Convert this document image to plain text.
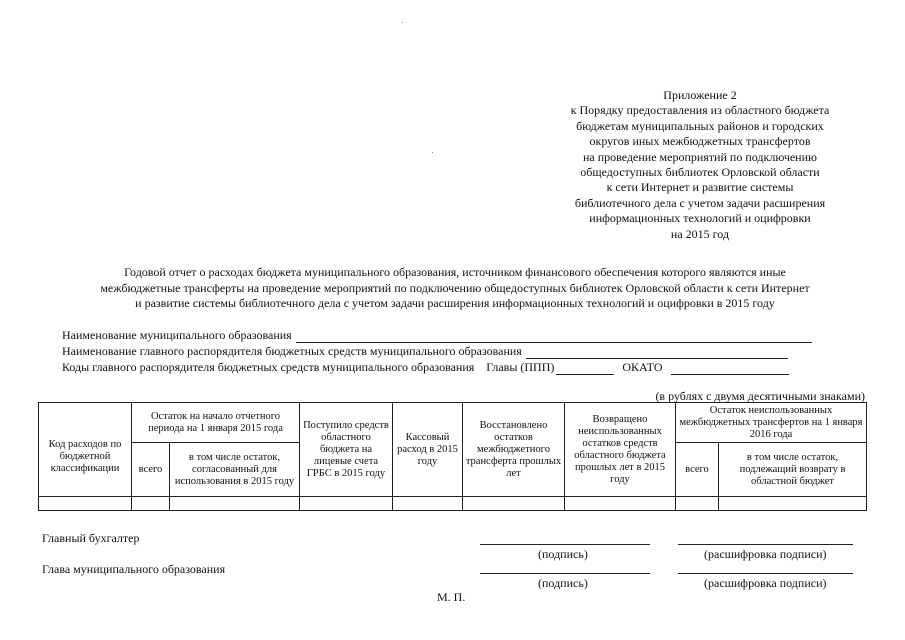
Приложение 2
к Порядку предоставления из областного бюджета
бюджетам муниципальных районов и городских
округов иных межбюджетных трансфертов
на проведение мероприятий по подключению
общедоступных библиотек Орловской области
к сети Интернет и развитие системы
библиотечного дела с учетом задачи расширения
информационных технологий и оцифровки
на 2015 год
Годовой отчет о расходах бюджета муниципального образования, источником финансового обеспечения которого являются иные
межбюджетные трансферты на проведение мероприятий по подключению общедоступных библиотек Орловской области к сети Интернет
и развитие системы библиотечного дела с учетом задачи расширения информационных технологий и оцифровки в 2015 году
Наименование муниципального образования
Наименование главного распорядителя бюджетных средств муниципального образования
Коды главного распорядителя бюджетных средств муниципального образования Главы (ППП)	ОКАТО
(в рублях с двумя десятичными знаками)
Код расходов по бюджетной классификации	Остаток на начало отчетного периода на 1 января 2015 года		Поступило средств областного бюджета на лицевые счета ГРБС в 2015 году	Кассовый расход в 2015 году	Восстановлено остатков межбюджетного трансферта прошлых лет	Возвращено неиспользованных остатков средств областного бюджета прошлых лет в 2015 году	Остаток неиспользованных межбюджетных трансфертов на 1 января 2016 года	
	всего	в том числе остаток, согласованный для использования в 2015 году					всего	в том числе остаток, подлежащий возврату в областной бюджет

Главный бухгалтер
(подпись)	(расшифровка подписи)
Глава муниципального образования
(подпись)	(расшифровка подписи)
М. П.
